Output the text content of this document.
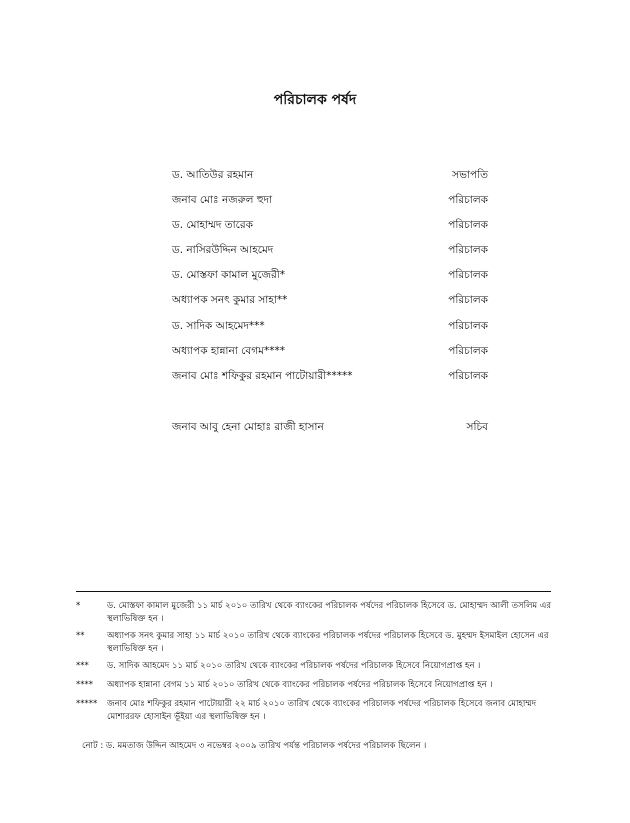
পরিচালক পর্ষদ
ড. আতিউর রহমান	সভাপতি
জনাব মোঃ নজরুল হুদা	পরিচালক
ড. মোহাম্মদ তারেক	পরিচালক
ড. নাসিরউদ্দিন আহমেদ	পরিচালক
ড. মোস্তফা কামাল মুজেরী*	পরিচালক
অধ্যাপক সনৎ কুমার সাহা**	পরিচালক
ড. সাদিক আহমেদ***	পরিচালক
অধ্যাপক হান্নানা বেগম****	পরিচালক
জনাব মোঃ শফিকুর রহমান পাটোয়ারী*****	পরিচালক
জনাব আবু হেনা মোহাঃ রাজী হাসান	সচিব
*	ড. মোস্তফা কামাল মুজেরী ১১ মার্চ ২০১০ তারিখ থেকে ব্যাংকের পরিচালক পর্ষদের পরিচালক হিসেবে ড. মোহাম্মদ আলী তসলিম এর স্থলাভিষিক্ত হন ।
**	অধ্যাপক সনৎ কুমার সাহা ১১ মার্চ ২০১০ তারিখ থেকে ব্যাংকের পরিচালক পর্ষদের পরিচালক হিসেবে ড. মুহম্মদ ইসমাইল হোসেন এর স্থলাভিষিক্ত হন ।
*** ড. সাদিক আহমেদ ১১ মার্চ ২০১০ তারিখ থেকে ব্যাংকের পরিচালক পর্ষদের পরিচালক হিসেবে নিয়োগপ্রাপ্ত হন ।
**** অধ্যাপক হান্নানা বেগম ১১ মার্চ ২০১০ তারিখ থেকে ব্যাংকের পরিচালক পর্ষদের পরিচালক হিসেবে নিয়োগপ্রাপ্ত হন ।
***** জনাব মোঃ শফিকুর রহমান পাটোয়ারী ২২ মার্চ ২০১০ তারিখ থেকে ব্যাংকের পরিচালক পর্ষদের পরিচালক হিসেবে জনাব মোহাম্মদ মোশাররফ হোসাইন ভূঁইয়া এর স্থলাভিষিক্ত হন ।
নোট : ড. মমতাজ উদ্দিন আহমেদ ৩ নভেম্বর ২০০৯ তারিখ পর্যন্ত পরিচালক পর্ষদের পরিচালক ছিলেন ।
